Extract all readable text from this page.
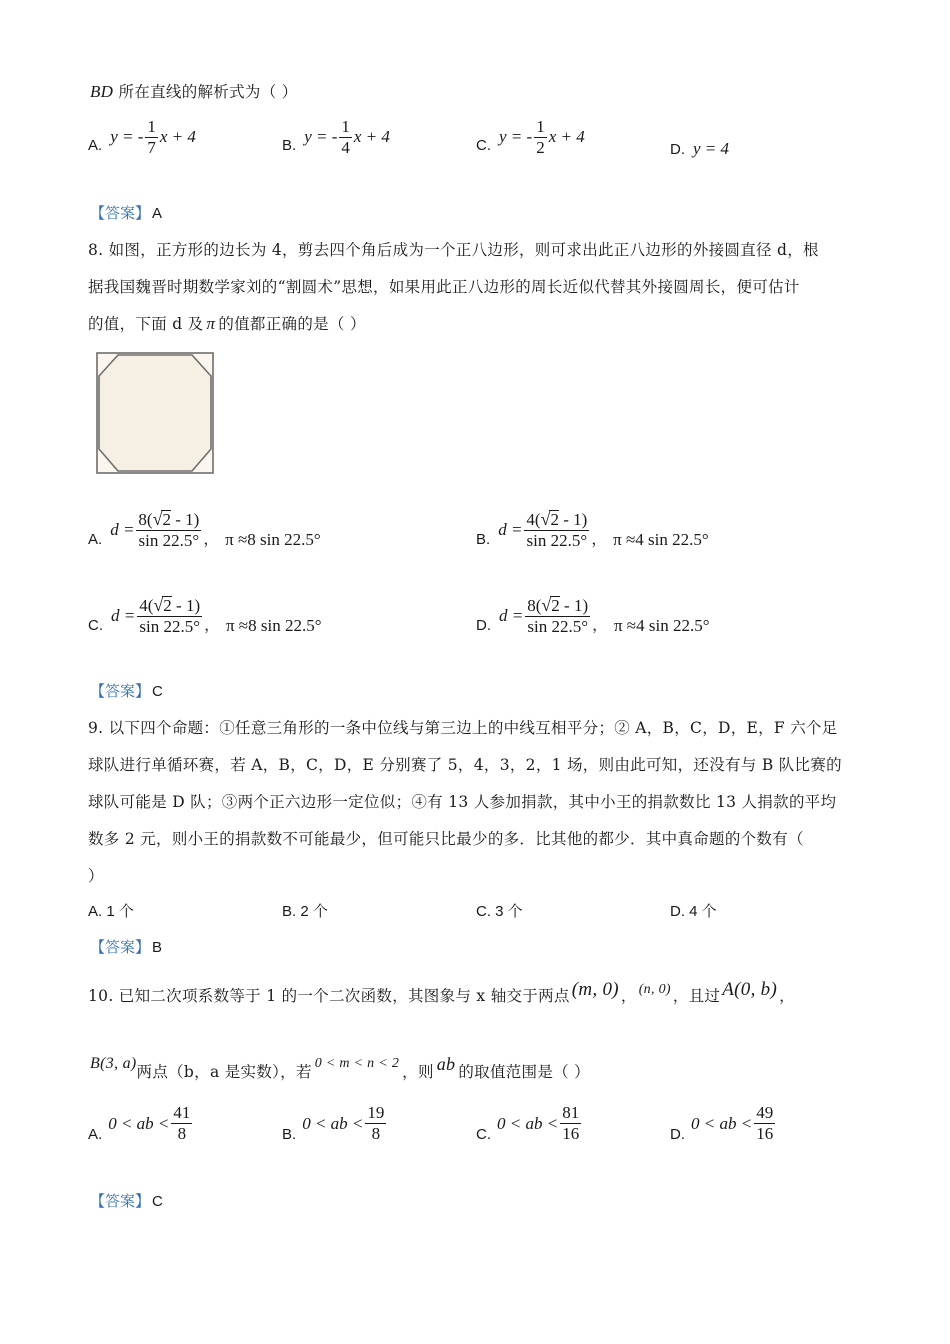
BD 所在直线的解析式为（ ）
A. y = - $\frac{1}{7}$ x + 4	B. y = - $\frac{1}{4}$ x + 4	C. y = - $\frac{1}{2}$ x + 4
D. y = 4
【答案】 A
8. 如图，正方形的边长为 4，剪去四个角后成为一个正八边形，则可求出此正八边形的外接圆直径 d，根
据我国魏晋时期数学家刘的“割圆术”思想，如果用此正八边形的周长近似代替其外接圆周长，便可估计
的值，下面 d 及 π 的值都正确的是（ ）
A. $d = \frac{8(√2 - 1)}{\sin 22.5^\circ}$ ， π ≈8 sin 22.5°	B. $d = \frac{4(√2 - 1)}{\sin 22.5^\circ}$ ， π ≈4 sin 22.5°
C. $d = \frac{4(√2 - 1)}{\sin 22.5^\circ}$ ， π ≈8 sin 22.5°	D. $d = \frac{8(√2 - 1)}{\sin 22.5^\circ}$ ， π ≈4 sin 22.5°
【答案】 C
9. 以下四个命题：①任意三角形的一条中位线与第三边上的中线互相平分；② A，B，C，D，E，F 六个足
球队进行单循环赛，若 A，B，C，D，E 分别赛了 5，4，3，2，1 场，则由此可知，还没有与 B 队比赛的
球队可能是 D 队；③两个正六边形一定位似；④有 13 人参加捐款，其中小王的捐款数比 13 人捐款的平均
数多 2 元，则小王的捐款数不可能最少，但可能只比最少的多．比其他的都少．其中真命题的个数有（
）
A. 1 个	B. 2 个	C. 3 个	D. 4 个
【答案】 B
10. 已知二次项系数等于 1 的一个二次函数，其图象与 x 轴交于两点 (m, 0) ， (n, 0) ，且过 A(0, b) ，
B(3, a) 两点（b，a 是实数），若 0 < m < n < 2 ，则 ab 的取值范围是（ ）
A.
0 < ab < $\frac{41}{8}$	B.
0 < ab < $\frac{19}{8}$	C.
0 < ab < $\frac{81}{16}$	D.
0 < ab < $\frac{49}{16}$
【答案】 C
